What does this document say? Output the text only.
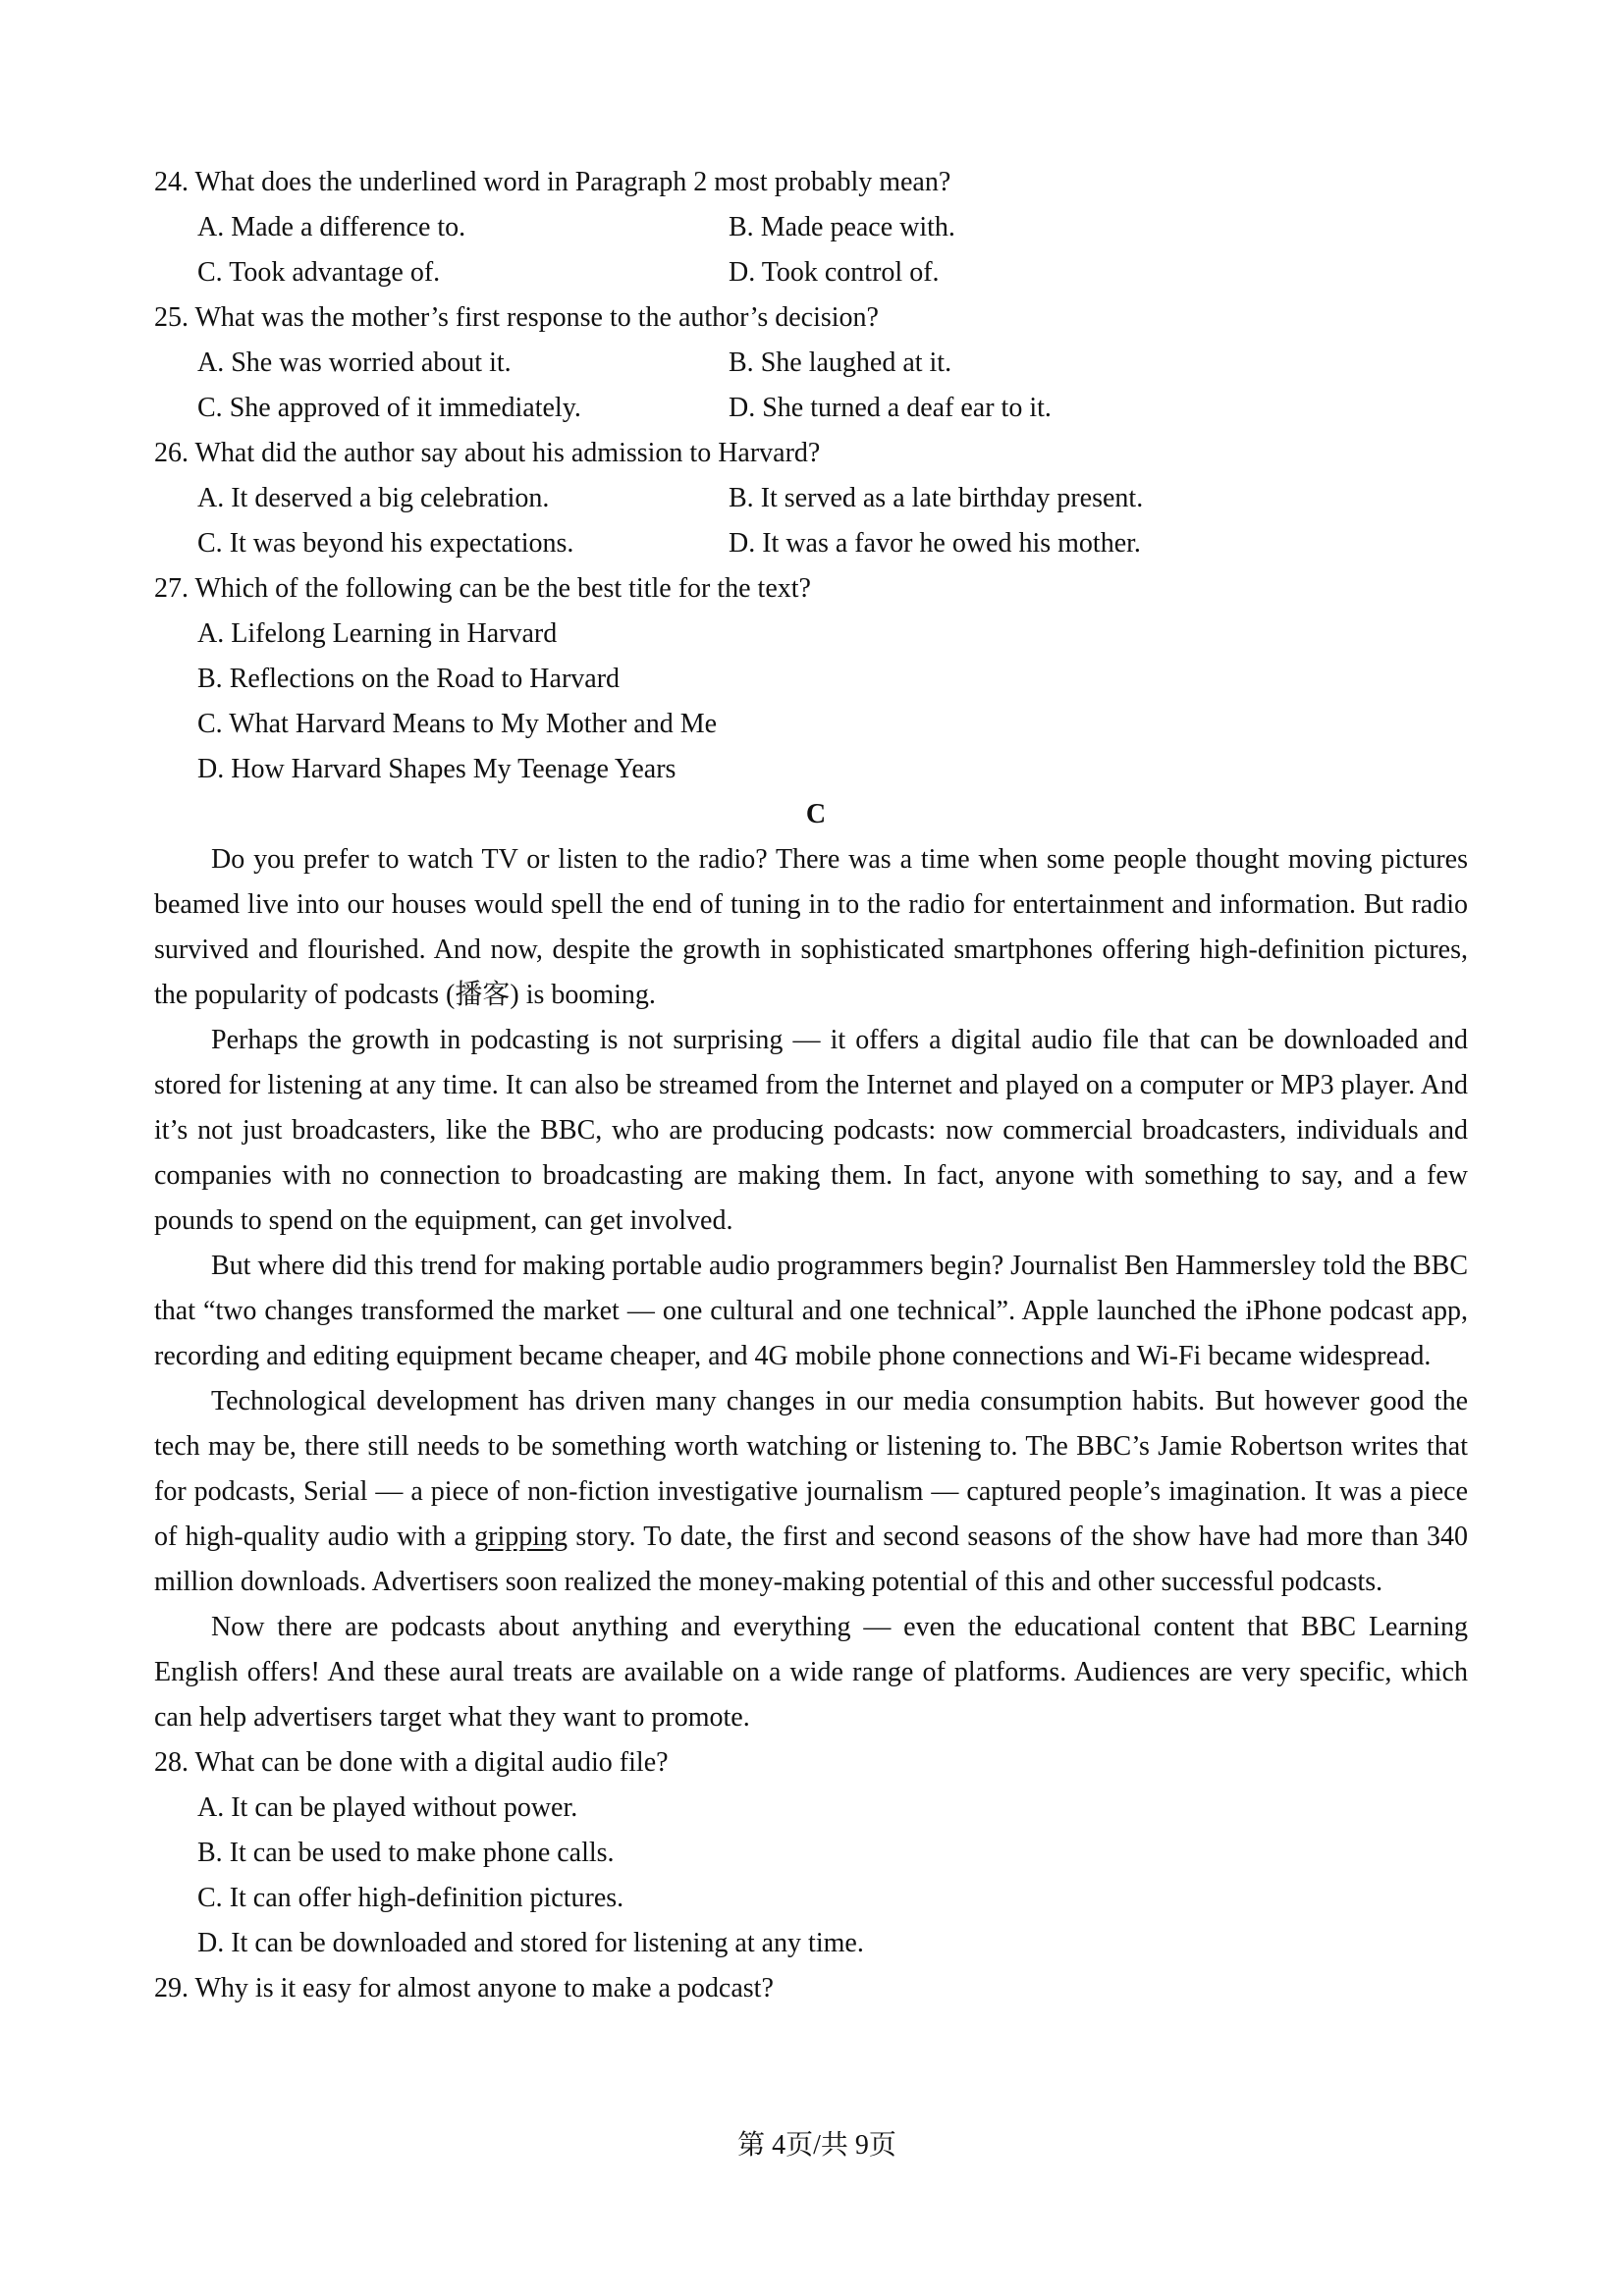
24. What does the underlined word in Paragraph 2 most probably mean?
A. Made a difference to.	B. Made peace with.
C. Took advantage of.	D. Took control of.
25. What was the mother’s first response to the author’s decision?
A. She was worried about it.	B. She laughed at it.
C. She approved of it immediately.	D. She turned a deaf ear to it.
26. What did the author say about his admission to Harvard?
A. It deserved a big celebration.	B. It served as a late birthday present.
C. It was beyond his expectations.	D. It was a favor he owed his mother.
27. Which of the following can be the best title for the text?
A. Lifelong Learning in Harvard
B. Reflections on the Road to Harvard
C. What Harvard Means to My Mother and Me
D. How Harvard Shapes My Teenage Years
C

Do you prefer to watch TV or listen to the radio? There was a time when some people thought moving pictures beamed live into our houses would spell the end of tuning in to the radio for entertainment and information. But radio survived and flourished. And now, despite the growth in sophisticated smartphones offering high-definition pictures, the popularity of podcasts (播客) is booming.

Perhaps the growth in podcasting is not surprising — it offers a digital audio file that can be downloaded and stored for listening at any time. It can also be streamed from the Internet and played on a computer or MP3 player. And it’s not just broadcasters, like the BBC, who are producing podcasts: now commercial broadcasters, individuals and companies with no connection to broadcasting are making them. In fact, anyone with something to say, and a few pounds to spend on the equipment, can get involved.

But where did this trend for making portable audio programmers begin? Journalist Ben Hammersley told the BBC that “two changes transformed the market — one cultural and one technical”. Apple launched the iPhone podcast app, recording and editing equipment became cheaper, and 4G mobile phone connections and Wi-Fi became widespread.

Technological development has driven many changes in our media consumption habits. But however good the tech may be, there still needs to be something worth watching or listening to. The BBC’s Jamie Robertson writes that for podcasts, Serial — a piece of non-fiction investigative journalism — captured people’s imagination. It was a piece of high-quality audio with a gripping story. To date, the first and second seasons of the show have had more than 340 million downloads. Advertisers soon realized the money-making potential of this and other successful podcasts.

Now there are podcasts about anything and everything — even the educational content that BBC Learning English offers! And these aural treats are available on a wide range of platforms. Audiences are very specific, which can help advertisers target what they want to promote.

28. What can be done with a digital audio file?
A. It can be played without power.
B. It can be used to make phone calls.
C. It can offer high-definition pictures.
D. It can be downloaded and stored for listening at any time.
29. Why is it easy for almost anyone to make a podcast?
第 4页/共 9页
